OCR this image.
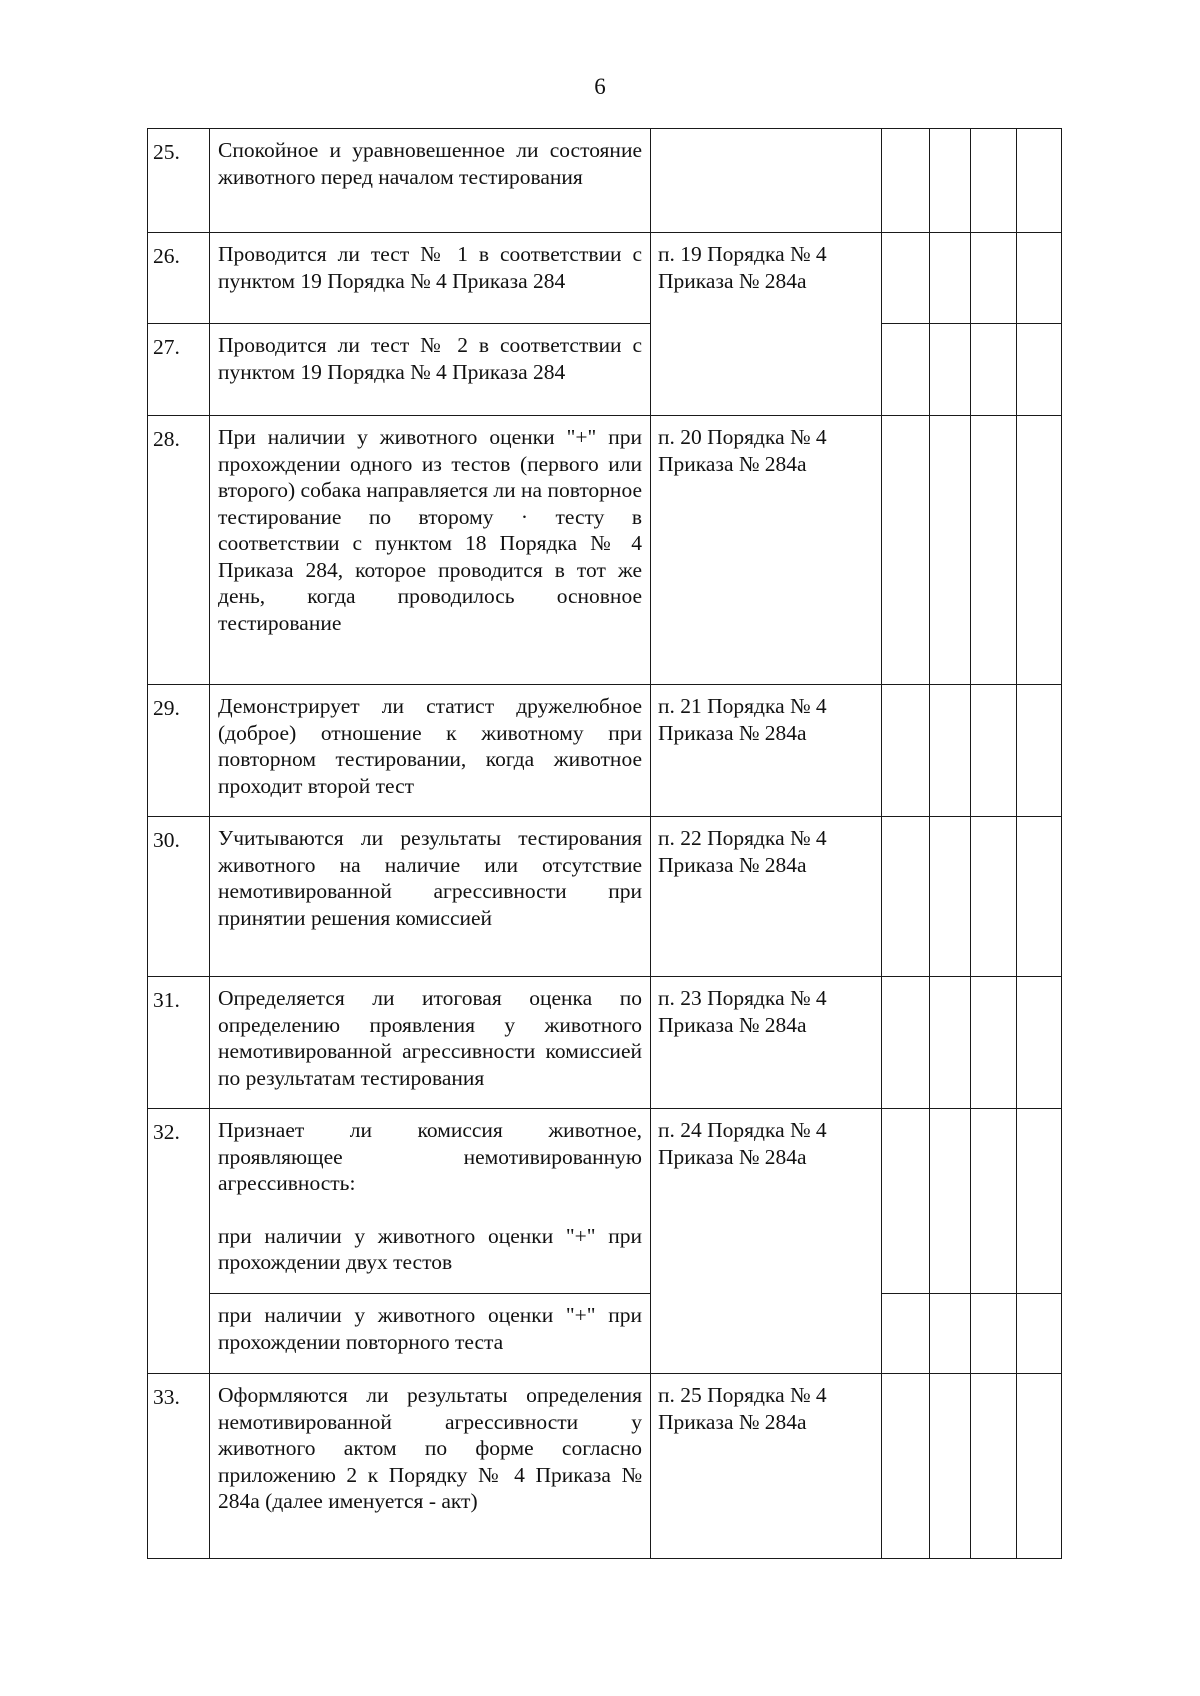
6
25.	Спокойное и уравновешенное ли состояние животного перед началом тестирования					

26.	Проводится ли тест № 1 в соответствии с пунктом 19 Порядка № 4 Приказа 284	п. 19 Порядка № 4 Приказа № 284а				
27.	Проводится ли тест № 2 в соответствии с пунктом 19 Порядка № 4 Приказа 284					

28.	При наличии у животного оценки "+" при прохождении одного из тестов (первого или второго) собака направляется ли на повторное тестирование по второму · тесту в соответствии с пунктом 18 Порядка № 4 Приказа 284, которое проводится в тот же день, когда проводилось основное тестирование	п. 20 Порядка № 4 Приказа № 284а				
29.	Демонстрирует ли статист дружелюбное (доброе) отношение к животному при повторном тестировании, когда животное проходит второй тест	п. 21 Порядка № 4 Приказа № 284а				
30.	Учитываются ли результаты тестирования животного на наличие или отсутствие немотивированной агрессивности при принятии решения комиссией	п. 22 Порядка № 4 Приказа № 284а				
31.	Определяется ли итоговая оценка по определению проявления у животного немотивированной агрессивности комиссией по результатам тестирования	п. 23 Порядка № 4 Приказа № 284а				
32.	Признает ли комиссия животное, проявляющее немотивированную агрессивность:

при наличии у животного оценки "+" при прохождении двух тестов	п. 24 Порядка № 4 Приказа № 284а				

	при наличии у животного оценки "+" при прохождении повторного теста					

33.	Оформляются ли результаты определения немотивированной агрессивности у животного актом по форме согласно приложению 2 к Порядку № 4 Приказа № 284а (далее именуется - акт)	п. 25 Порядка № 4 Приказа № 284а				
